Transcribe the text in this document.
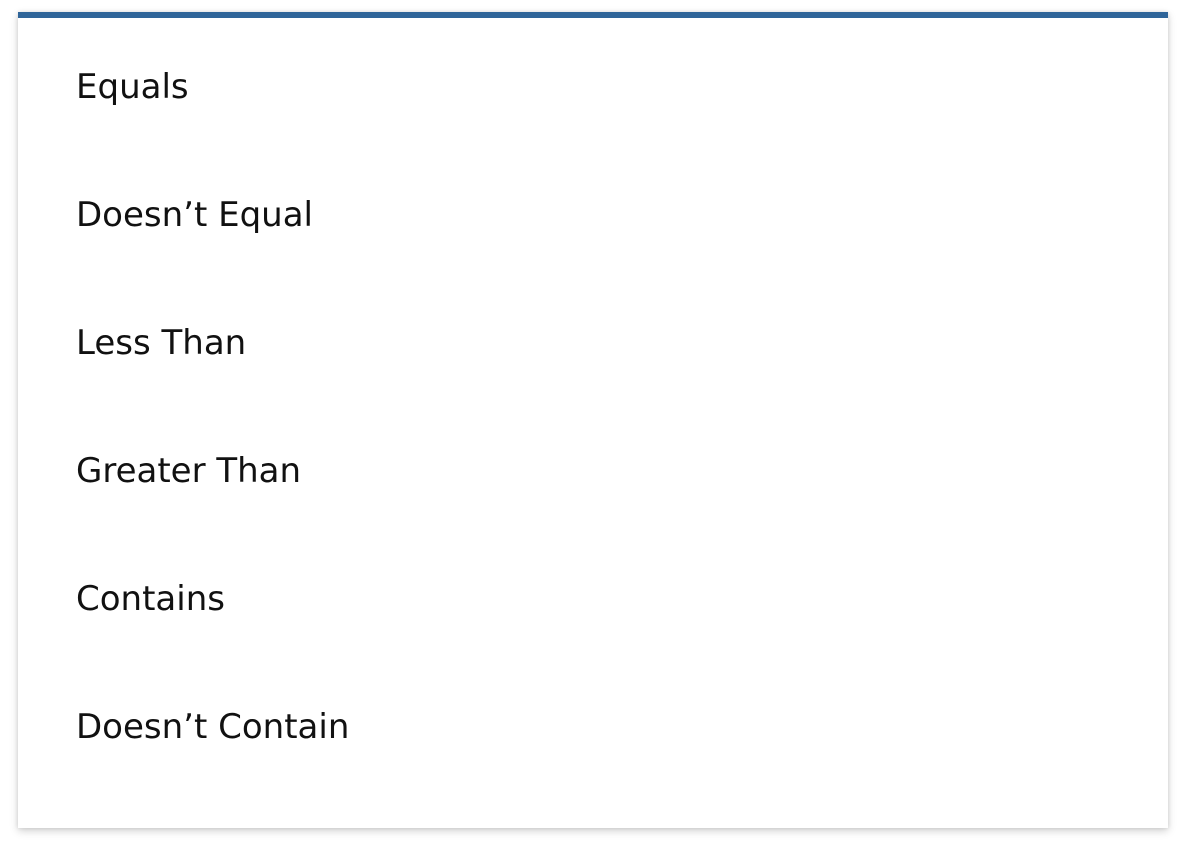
Equals
Doesn’t Equal
Less Than
Greater Than
Contains
Doesn’t Contain
